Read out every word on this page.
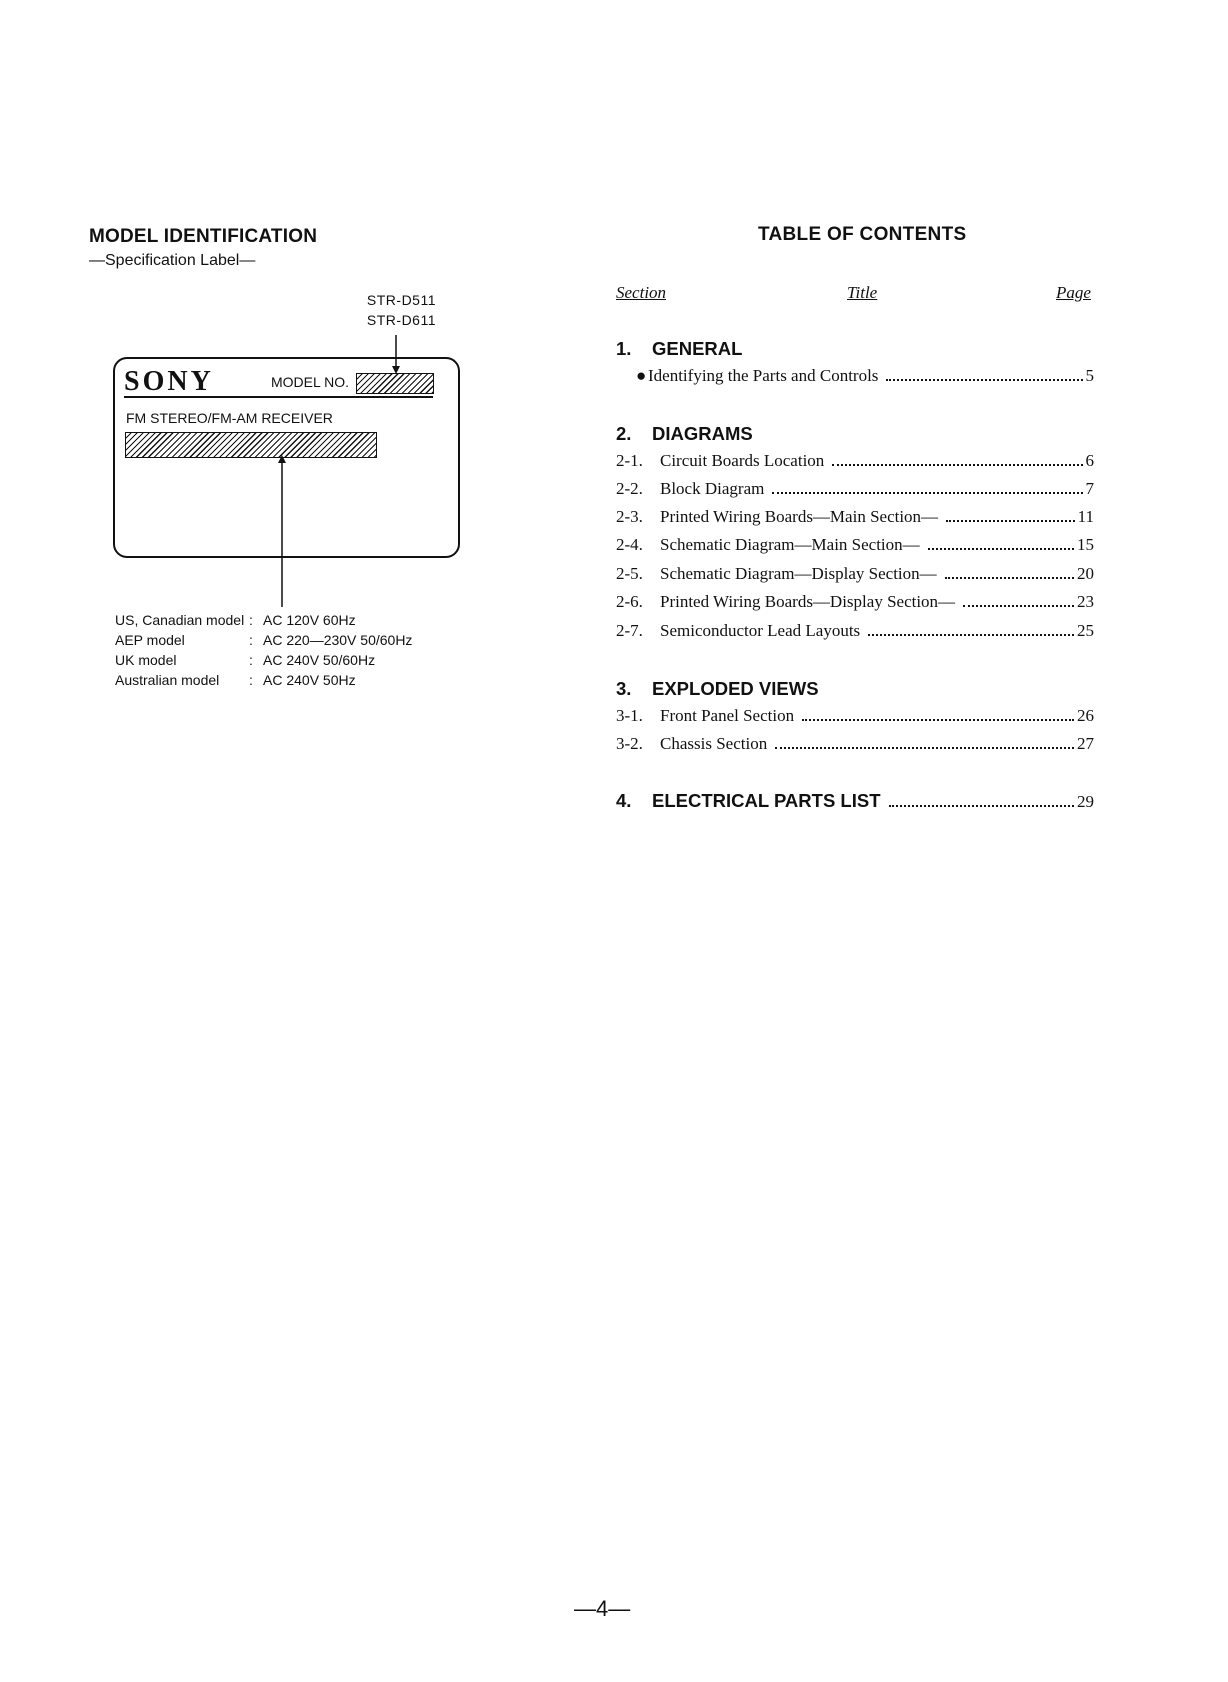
MODEL IDENTIFICATION
—Specification Label—
STR-D511
STR-D611
SONY	MODEL NO.
FM STEREO/FM-AM RECEIVER
US, Canadian model : AC 120V 60Hz
AEP model	: AC 220—230V 50/60Hz
UK model	: AC 240V 50/60Hz
Australian model : AC 240V 50Hz
TABLE OF CONTENTS
Section	Title	Page
1. GENERAL
● Identifying the Parts and Controls	5
2. DIAGRAMS
2-1.	Circuit Boards Location	6
2-2.	Block Diagram	7
2-3.	Printed Wiring Boards—Main Section—	11
2-4.	Schematic Diagram—Main Section—	15
2-5.	Schematic Diagram—Display Section—	20
2-6.	Printed Wiring Boards—Display Section—	23
2-7.	Semiconductor Lead Layouts	25
3. EXPLODED VIEWS
3-1.	Front Panel Section	26
3-2.	Chassis Section	27
4.	ELECTRICAL PARTS LIST	29
—4—
